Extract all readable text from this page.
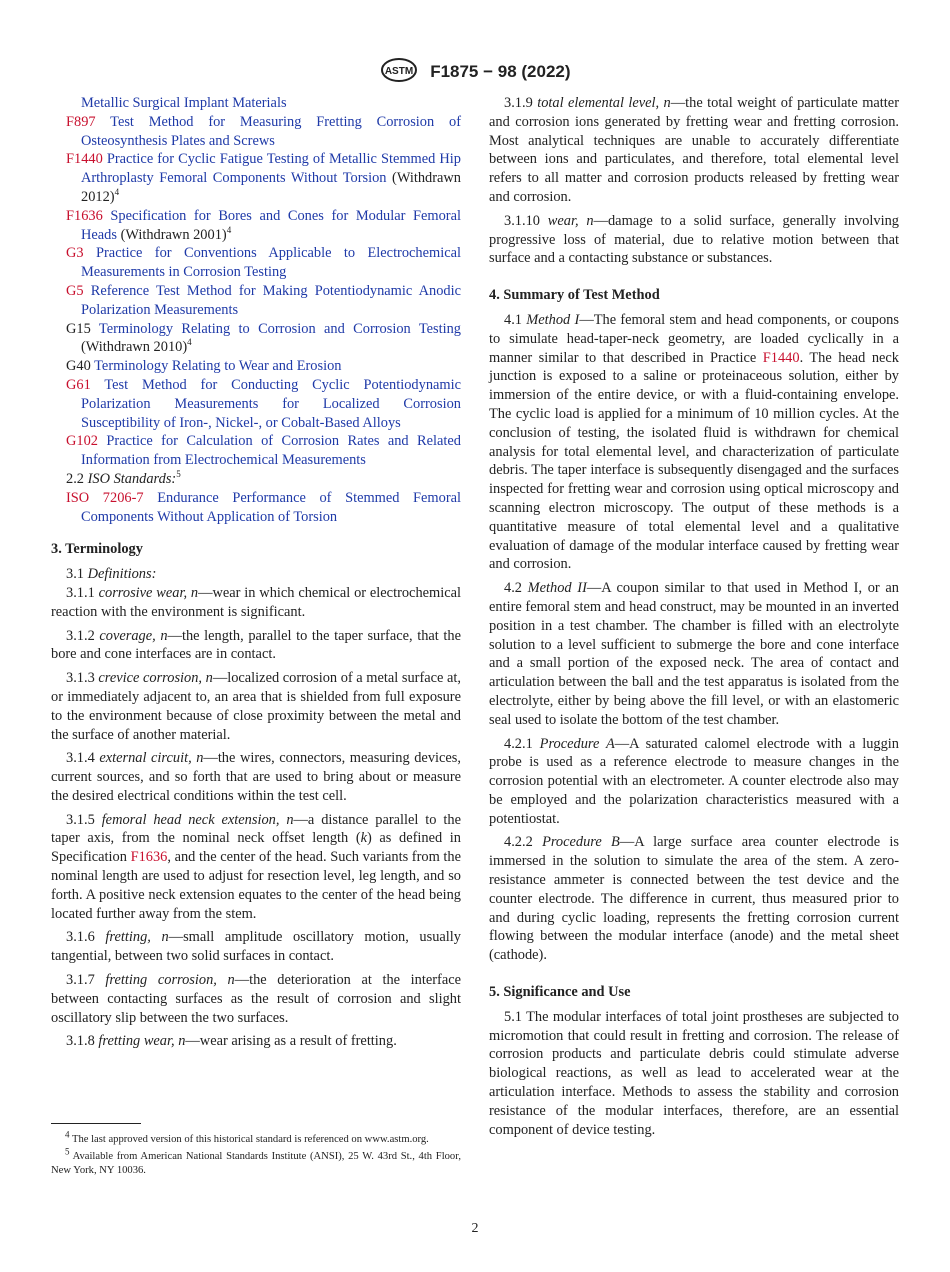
ASTM F1875 − 98 (2022)
Metallic Surgical Implant Materials
F897 Test Method for Measuring Fretting Corrosion of Osteosynthesis Plates and Screws
F1440 Practice for Cyclic Fatigue Testing of Metallic Stemmed Hip Arthroplasty Femoral Components Without Torsion (Withdrawn 2012)$^4$
F1636 Specification for Bores and Cones for Modular Femoral Heads (Withdrawn 2001)$^4$
G3 Practice for Conventions Applicable to Electrochemical Measurements in Corrosion Testing
G5 Reference Test Method for Making Potentiodynamic Anodic Polarization Measurements
G15 Terminology Relating to Corrosion and Corrosion Testing (Withdrawn 2010)$^4$
G40 Terminology Relating to Wear and Erosion
G61 Test Method for Conducting Cyclic Potentiodynamic Polarization Measurements for Localized Corrosion Susceptibility of Iron-, Nickel-, or Cobalt-Based Alloys
G102 Practice for Calculation of Corrosion Rates and Related Information from Electrochemical Measurements
2.2 ISO Standards:$^5$
ISO 7206-7 Endurance Performance of Stemmed Femoral Components Without Application of Torsion
3. Terminology

3.1 Definitions:

3.1.1 corrosive wear, n—wear in which chemical or electrochemical reaction with the environment is significant.

3.1.2 coverage, n—the length, parallel to the taper surface, that the bore and cone interfaces are in contact.

3.1.3 crevice corrosion, n—localized corrosion of a metal surface at, or immediately adjacent to, an area that is shielded from full exposure to the environment because of close proximity between the metal and the surface of another material.

3.1.4 external circuit, n—the wires, connectors, measuring devices, current sources, and so forth that are used to bring about or measure the desired electrical conditions within the test cell.

3.1.5 femoral head neck extension, n—a distance parallel to the taper axis, from the nominal neck offset length (k) as defined in Specification F1636, and the center of the head. Such variants from the nominal length are used to adjust for resection level, leg length, and so forth. A positive neck extension equates to the center of the head being located further away from the stem.

3.1.6 fretting, n—small amplitude oscillatory motion, usually tangential, between two solid surfaces in contact.

3.1.7 fretting corrosion, n—the deterioration at the interface between contacting surfaces as the result of corrosion and slight oscillatory slip between the two surfaces.

3.1.8 fretting wear, n—wear arising as a result of fretting.

3.1.9 total elemental level, n—the total weight of particulate matter and corrosion ions generated by fretting wear and fretting corrosion. Most analytical techniques are unable to accurately differentiate between ions and particulates, and therefore, total elemental level refers to all matter and corrosion products released by fretting wear and corrosion.

3.1.10 wear, n—damage to a solid surface, generally involving progressive loss of material, due to relative motion between that surface and a contacting substance or substances.

4. Summary of Test Method

4.1 Method I—The femoral stem and head components, or coupons to simulate head-taper-neck geometry, are loaded cyclically in a manner similar to that described in Practice F1440. The head neck junction is exposed to a saline or proteinaceous solution, either by immersion of the entire device, or with a fluid-containing envelope. The cyclic load is applied for a minimum of 10 million cycles. At the conclusion of testing, the isolated fluid is withdrawn for chemical analysis for total elemental level, and characterization of particulate debris. The taper interface is subsequently disengaged and the surfaces inspected for fretting wear and corrosion using optical microscopy and scanning electron microscopy. The output of these methods is a quantitative measure of total elemental level and a qualitative evaluation of damage of the modular interface caused by fretting wear and corrosion.

4.2 Method II—A coupon similar to that used in Method I, or an entire femoral stem and head construct, may be mounted in an inverted position in a test chamber. The chamber is filled with an electrolyte solution to a level sufficient to submerge the bore and cone interface and a small portion of the exposed neck. The area of contact and articulation between the ball and the test apparatus is isolated from the electrolyte, either by being above the fill level, or with an elastomeric seal used to isolate the bottom of the test chamber.

4.2.1 Procedure A—A saturated calomel electrode with a luggin probe is used as a reference electrode to measure changes in the corrosion potential with an electrometer. A counter electrode also may be employed and the polarization characteristics measured with a potentiostat.

4.2.2 Procedure B—A large surface area counter electrode is immersed in the solution to simulate the area of the stem. A zero-resistance ammeter is connected between the test device and the counter electrode. The difference in current, thus measured prior to and during cyclic loading, represents the fretting corrosion current flowing between the modular interface (anode) and the metal sheet (cathode).

5. Significance and Use

5.1 The modular interfaces of total joint prostheses are subjected to micromotion that could result in fretting and corrosion. The release of corrosion products and particulate debris could stimulate adverse biological reactions, as well as lead to accelerated wear at the articulation interface. Methods to assess the stability and corrosion resistance of the modular interfaces, therefore, are an essential component of device testing.

$^4$ The last approved version of this historical standard is referenced on www.astm.org.

$^5$ Available from American National Standards Institute (ANSI), 25 W. 43rd St., 4th Floor, New York, NY 10036.

2
